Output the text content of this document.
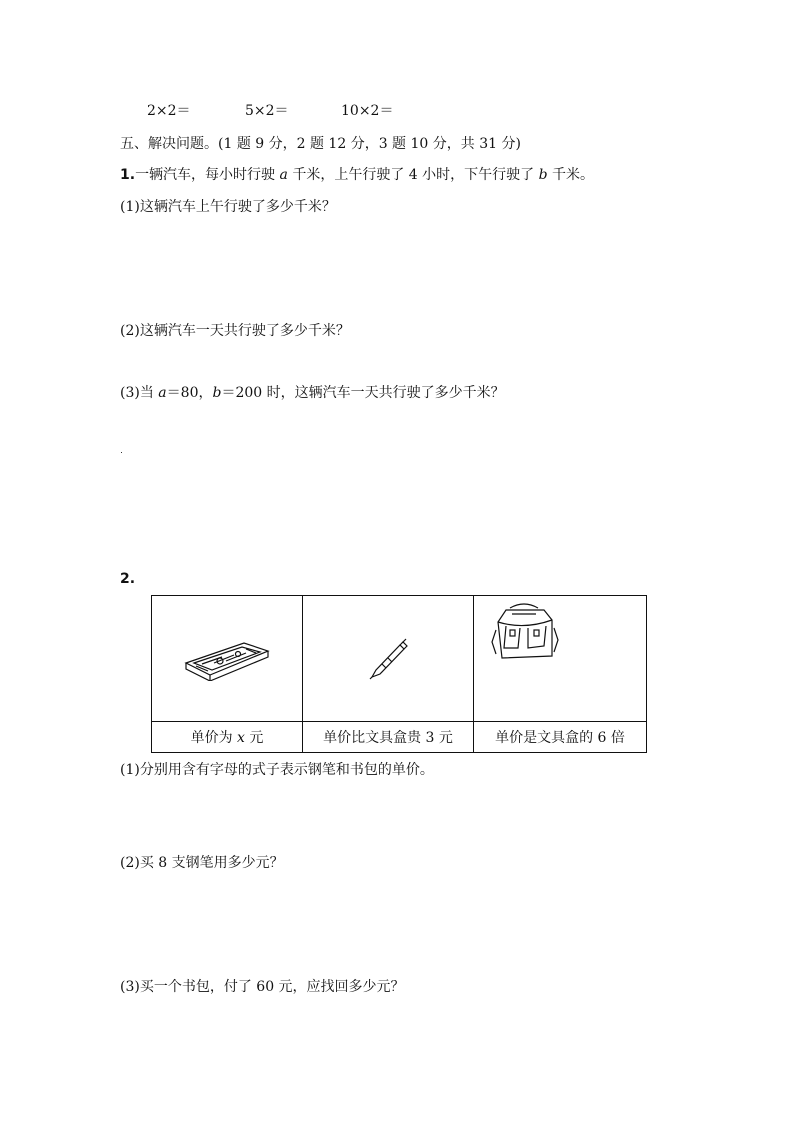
2×2＝	5×2＝	10×2＝
五、解决问题。(1 题 9 分，2 题 12 分，3 题 10 分，共 31 分)
1.一辆汽车，每小时行驶 a 千米，上午行驶了 4 小时，下午行驶了 b 千米。
(1)这辆汽车上午行驶了多少千米？
(2)这辆汽车一天共行驶了多少千米？
(3)当 a＝80，b＝200 时，这辆汽车一天共行驶了多少千米？
2.

单价为 x 元	单价比文具盒贵 3 元	单价是文具盒的 6 倍
(1)分别用含有字母的式子表示钢笔和书包的单价。
(2)买 8 支钢笔用多少元？
(3)买一个书包，付了 60 元，应找回多少元？
